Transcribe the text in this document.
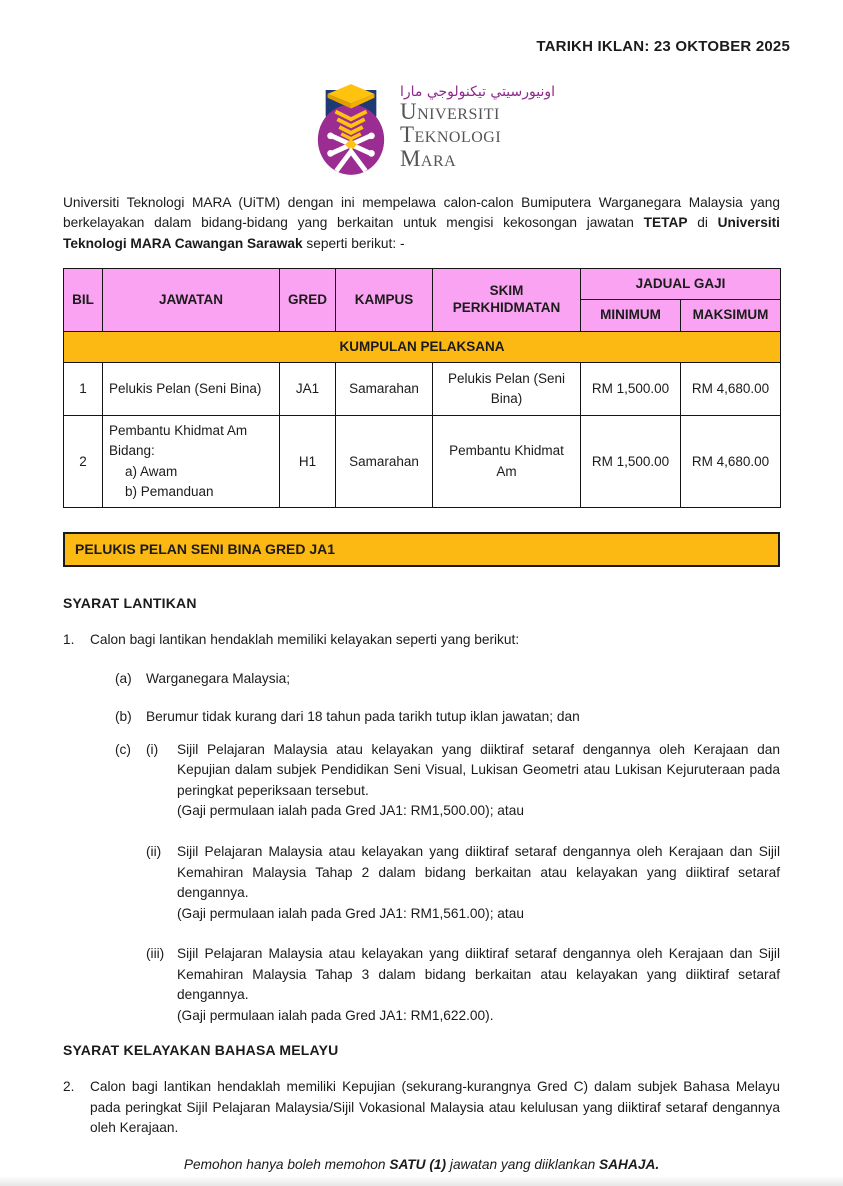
TARIKH IKLAN: 23 OKTOBER 2025
اونيورسيتي تيكنولوجي مارا
Universiti
Teknologi
Mara

Universiti Teknologi MARA (UiTM) dengan ini mempelawa calon-calon Bumiputera Warganegara Malaysia yang berkelayakan dalam bidang-bidang yang berkaitan untuk mengisi kekosongan jawatan TETAP di Universiti Teknologi MARA Cawangan Sarawak seperti berikut: -

BIL	JAWATAN	GRED	KAMPUS	SKIM PERKHIDMATAN	JADUAL GAJI	
					MINIMUM	MAKSIMUM
KUMPULAN PELAKSANA						
1	Pelukis Pelan (Seni Bina)	JA1	Samarahan	Pelukis Pelan (Seni Bina)	RM 1,500.00	RM 4,680.00
2	Pembantu Khidmat Am Bidang:
a) Awam
b) Pemanduan	H1	Samarahan	Pembantu Khidmat Am	RM 1,500.00	RM 4,680.00
PELUKIS PELAN SENI BINA GRED JA1
SYARAT LANTIKAN
1.	Calon bagi lantikan hendaklah memiliki kelayakan seperti yang berikut:
(a)	Warganegara Malaysia;
(b)	Berumur tidak kurang dari 18 tahun pada tarikh tutup iklan jawatan; dan
(c)	(i)	Sijil Pelajaran Malaysia atau kelayakan yang diiktiraf setaraf dengannya oleh Kerajaan dan Kepujian dalam subjek Pendidikan Seni Visual, Lukisan Geometri atau Lukisan Kejuruteraan pada peringkat peperiksaan tersebut.
(Gaji permulaan ialah pada Gred JA1: RM1,500.00); atau
(ii)	Sijil Pelajaran Malaysia atau kelayakan yang diiktiraf setaraf dengannya oleh Kerajaan dan Sijil Kemahiran Malaysia Tahap 2 dalam bidang berkaitan atau kelayakan yang diiktiraf setaraf dengannya.
(Gaji permulaan ialah pada Gred JA1: RM1,561.00); atau
(iii) Sijil Pelajaran Malaysia atau kelayakan yang diiktiraf setaraf dengannya oleh Kerajaan dan Sijil Kemahiran Malaysia Tahap 3 dalam bidang berkaitan atau kelayakan yang diiktiraf setaraf dengannya.
(Gaji permulaan ialah pada Gred JA1: RM1,622.00).
SYARAT KELAYAKAN BAHASA MELAYU
2.	Calon bagi lantikan hendaklah memiliki Kepujian (sekurang-kurangnya Gred C) dalam subjek Bahasa Melayu pada peringkat Sijil Pelajaran Malaysia/Sijil Vokasional Malaysia atau kelulusan yang diiktiraf setaraf dengannya oleh Kerajaan.
Pemohon hanya boleh memohon SATU (1) jawatan yang diiklankan SAHAJA.
